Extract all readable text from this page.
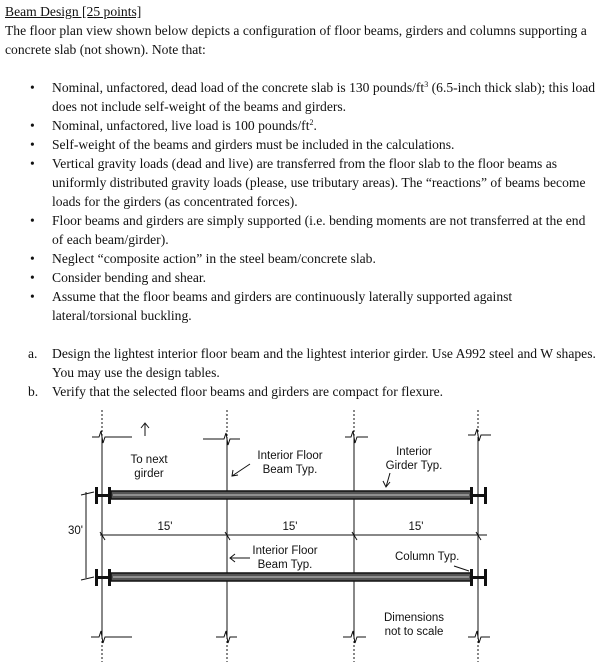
Beam Design [25 points]
The floor plan view shown below depicts a configuration of floor beams, girders and columns supporting a concrete slab (not shown). Note that:
• Nominal, unfactored, dead load of the concrete slab is 130 pounds/$ft^3$ (6.5-inch thick slab); this load does not include self-weight of the beams and girders.
• Nominal, unfactored, live load is 100 pounds/$ft^2$.
• Self-weight of the beams and girders must be included in the calculations.
• Vertical gravity loads (dead and live) are transferred from the floor slab to the floor beams as uniformly distributed gravity loads (please, use tributary areas). The “reactions” of beams become loads for the girders (as concentrated forces).
• Floor beams and girders are simply supported (i.e. bending moments are not transferred at the end of each beam/girder).
• Neglect “composite action” in the steel beam/concrete slab.
• Consider bending and shear.
• Assume that the floor beams and girders are continuously laterally supported against lateral/torsional buckling.
a. Design the lightest interior floor beam and the lightest interior girder. Use A992 steel and W shapes. You may use the design tables.
b. Verify that the selected floor beams and girders are compact for flexure.
To next
girder
Interior Floor
Beam Typ.
Interior
Girder Typ.
30'	15'	15'	15'
Interior Floor
Beam Typ.
Column Typ.
Dimensions
not to scale
